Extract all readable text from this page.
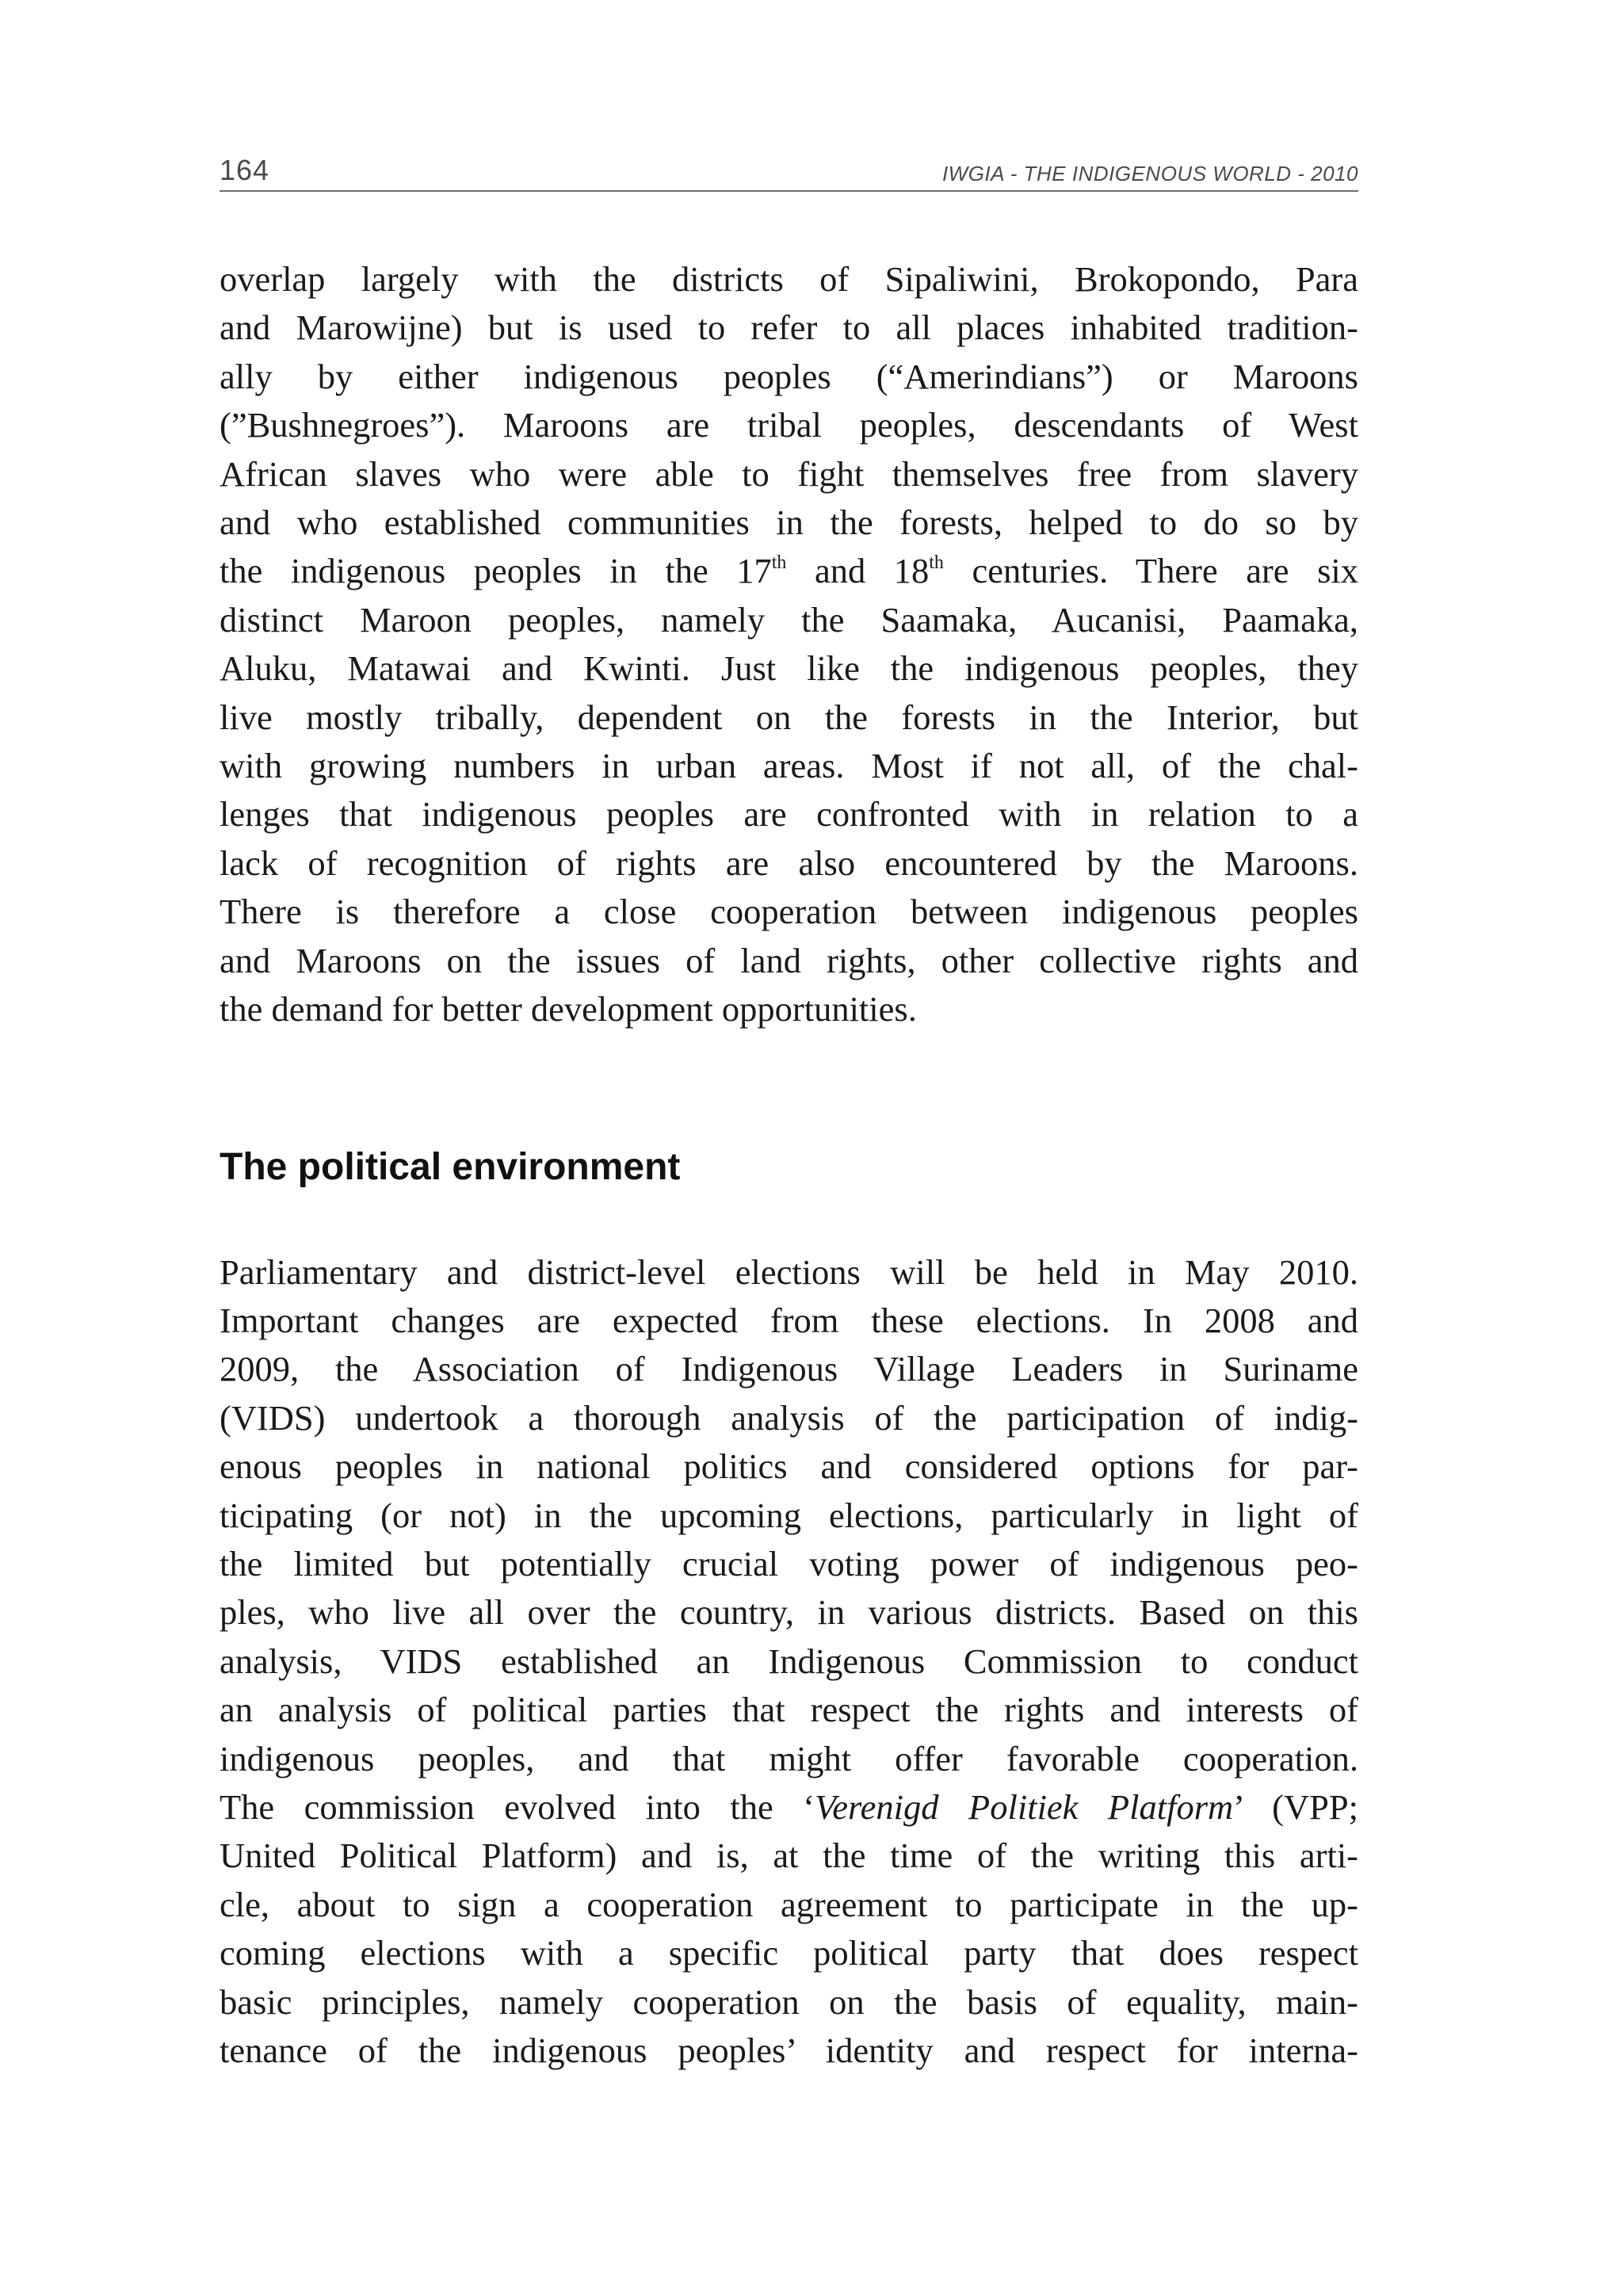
164	IWGIA - THE INDIGENOUS WORLD - 2010

overlap largely with the districts of Sipaliwini, Brokopondo, Para
and Marowijne) but is used to refer to all places inhabited tradition-
ally by either indigenous peoples (“Amerindians”) or Maroons
(”Bushnegroes”). Maroons are tribal peoples, descendants of West
African slaves who were able to fight themselves free from slavery
and who established communities in the forests, helped to do so by
the indigenous peoples in the 17th and 18th centuries. There are six
distinct Maroon peoples, namely the Saamaka, Aucanisi, Paamaka,
Aluku, Matawai and Kwinti. Just like the indigenous peoples, they
live mostly tribally, dependent on the forests in the Interior, but
with growing numbers in urban areas. Most if not all, of the chal-
lenges that indigenous peoples are confronted with in relation to a
lack of recognition of rights are also encountered by the Maroons.
There is therefore a close cooperation between indigenous peoples
and Maroons on the issues of land rights, other collective rights and
the demand for better development opportunities.

The political environment

Parliamentary and district-level elections will be held in May 2010.
Important changes are expected from these elections. In 2008 and
2009, the Association of Indigenous Village Leaders in Suriname
(VIDS) undertook a thorough analysis of the participation of indig-
enous peoples in national politics and considered options for par-
ticipating (or not) in the upcoming elections, particularly in light of
the limited but potentially crucial voting power of indigenous peo-
ples, who live all over the country, in various districts. Based on this
analysis, VIDS established an Indigenous Commission to conduct
an analysis of political parties that respect the rights and interests of
indigenous peoples, and that might offer favorable cooperation.
The commission evolved into the ‘Verenigd Politiek Platform’ (VPP;
United Political Platform) and is, at the time of the writing this arti-
cle, about to sign a cooperation agreement to participate in the up-
coming elections with a specific political party that does respect
basic principles, namely cooperation on the basis of equality, main-
tenance of the indigenous peoples’ identity and respect for interna-
